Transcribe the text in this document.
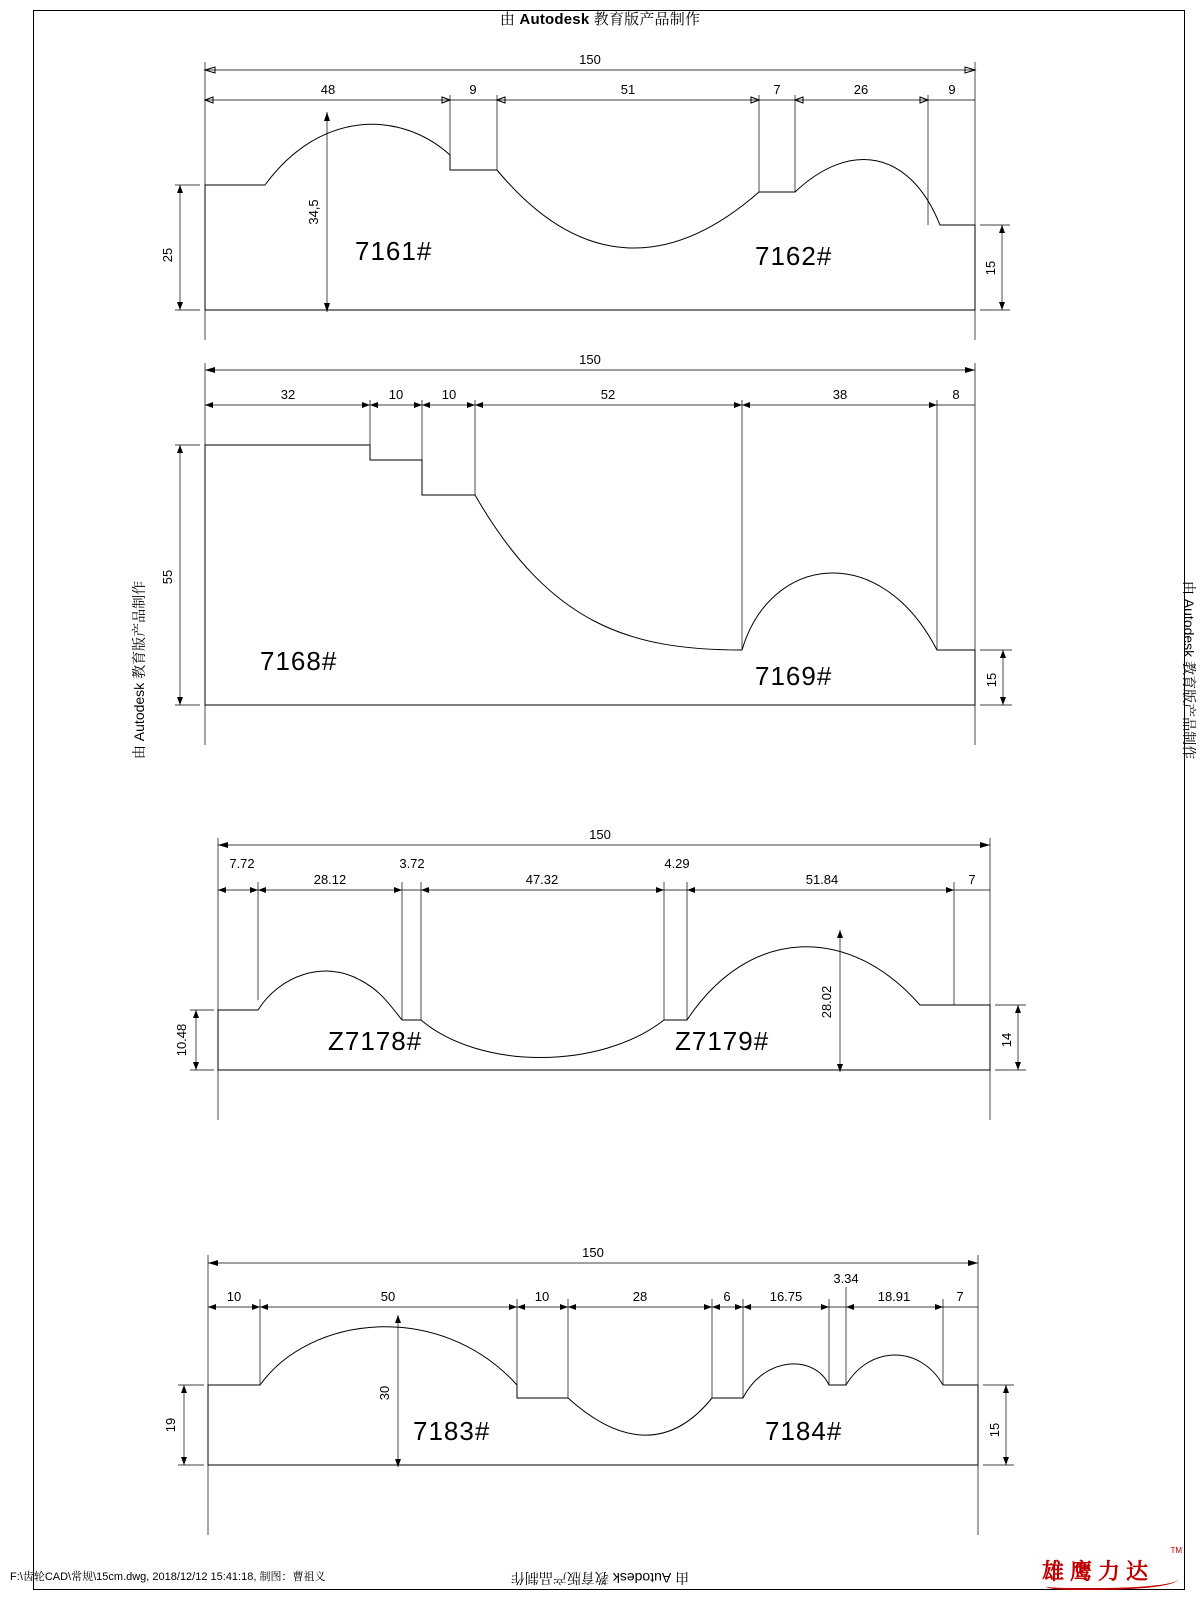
由 Autodesk 教育版产品制作
由 Autodesk 教育版产品制作	由 Autodesk 教育版产品制作
由 Autodesk 教育版产品制作
150
48	9	51	7	26	9
25
34,5
15
7161#	7162#
150
32	10	10	52	38	8
55
15
7168#	7169#
150
7.72
28.12
3.72
47.32
4.29
51.84	7
10.48
28.02
14
Z7178#	Z7179#
150
10	50	10	28	6	16.75
3.34
18.91	7
19
30
15
7183#	7184#
F:\齿轮CAD\常规\15cm.dwg, 2018/12/12 15:41:18, 制图：曹祖义	雄鹰力达
TM
